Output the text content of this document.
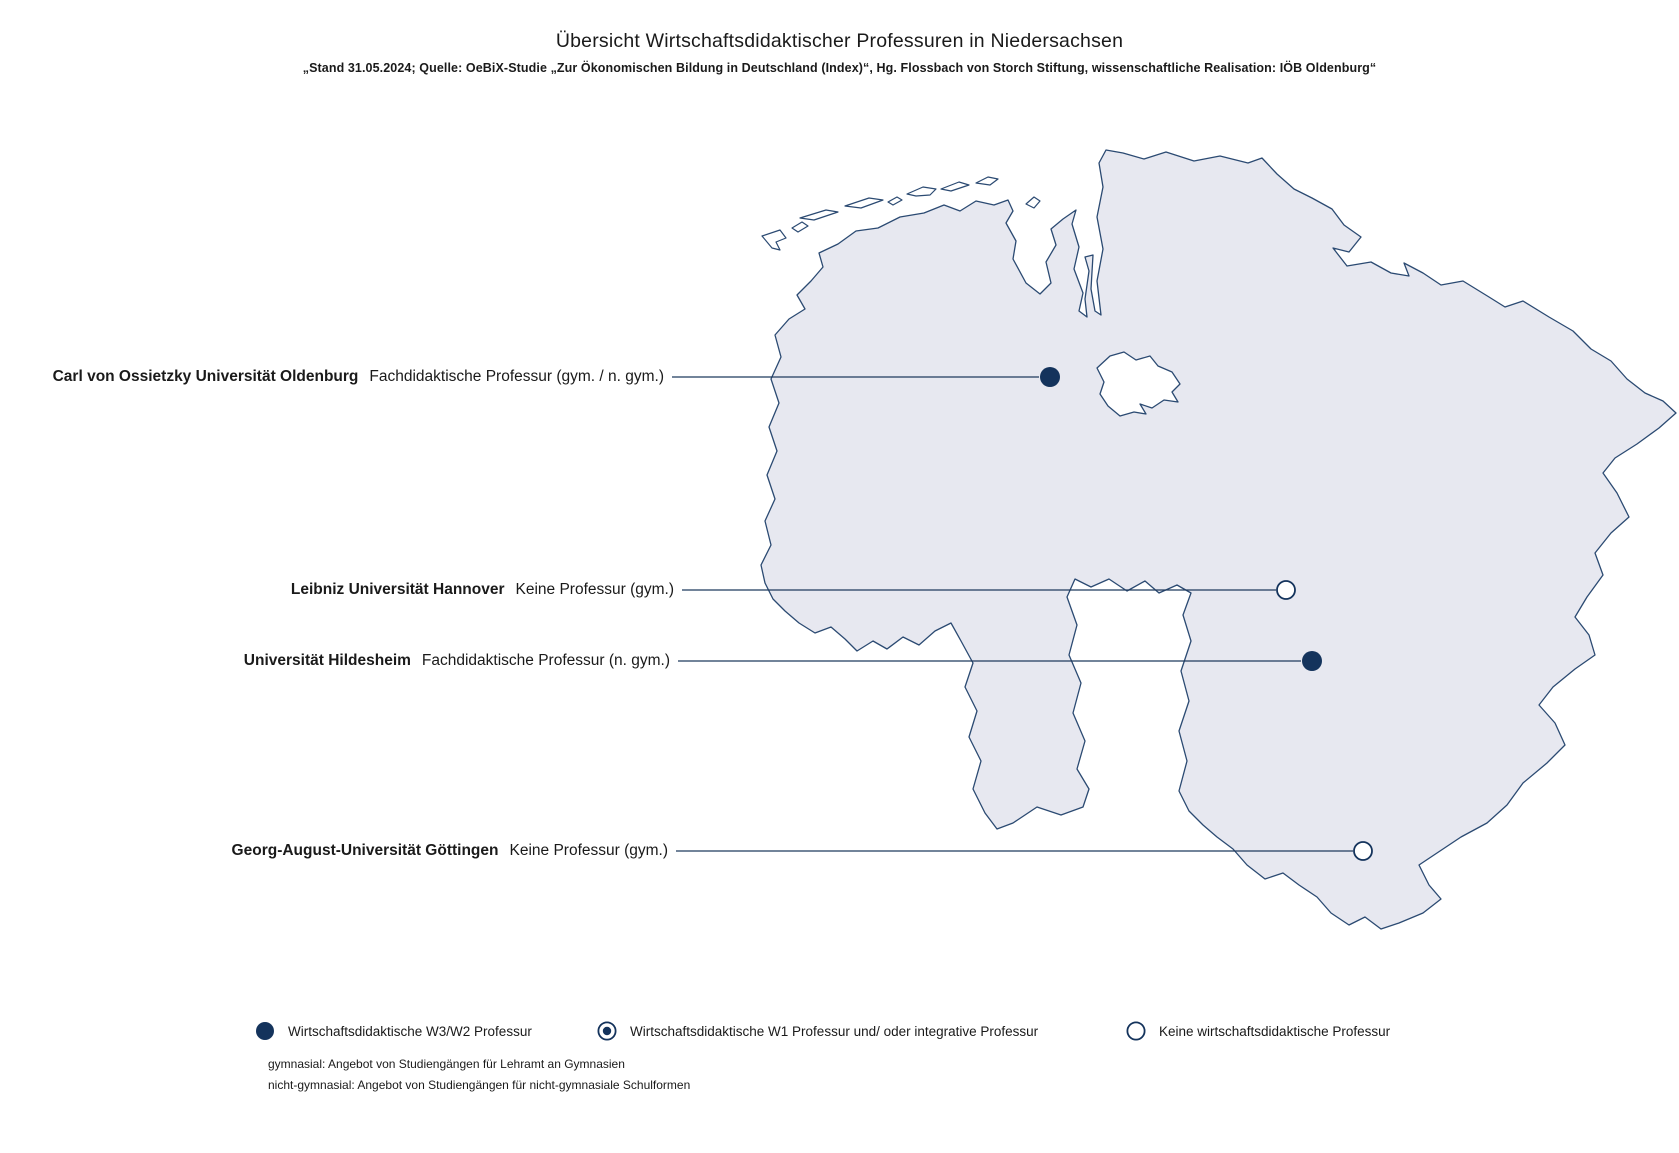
Übersicht Wirtschaftsdidaktischer Professuren in Niedersachsen
„Stand 31.05.2024; Quelle: OeBiX-Studie „Zur Ökonomischen Bildung in Deutschland (Index)“, Hg. Flossbach von Storch Stiftung, wissenschaftliche Realisation: IÖB Oldenburg“
Carl von Ossietzky Universität Oldenburg Fachdidaktische Professur (gym. / n. gym.)
Leibniz Universität Hannover Keine Professur (gym.)
Universität Hildesheim Fachdidaktische Professur (n. gym.)
Georg-August-Universität Göttingen Keine Professur (gym.)
Wirtschaftsdidaktische W3/W2 Professur	Wirtschaftsdidaktische W1 Professur und/ oder integrative Professur	Keine wirtschaftsdidaktische Professur
gymnasial: Angebot von Studiengängen für Lehramt an Gymnasien
nicht-gymnasial: Angebot von Studiengängen für nicht-gymnasiale Schulformen
